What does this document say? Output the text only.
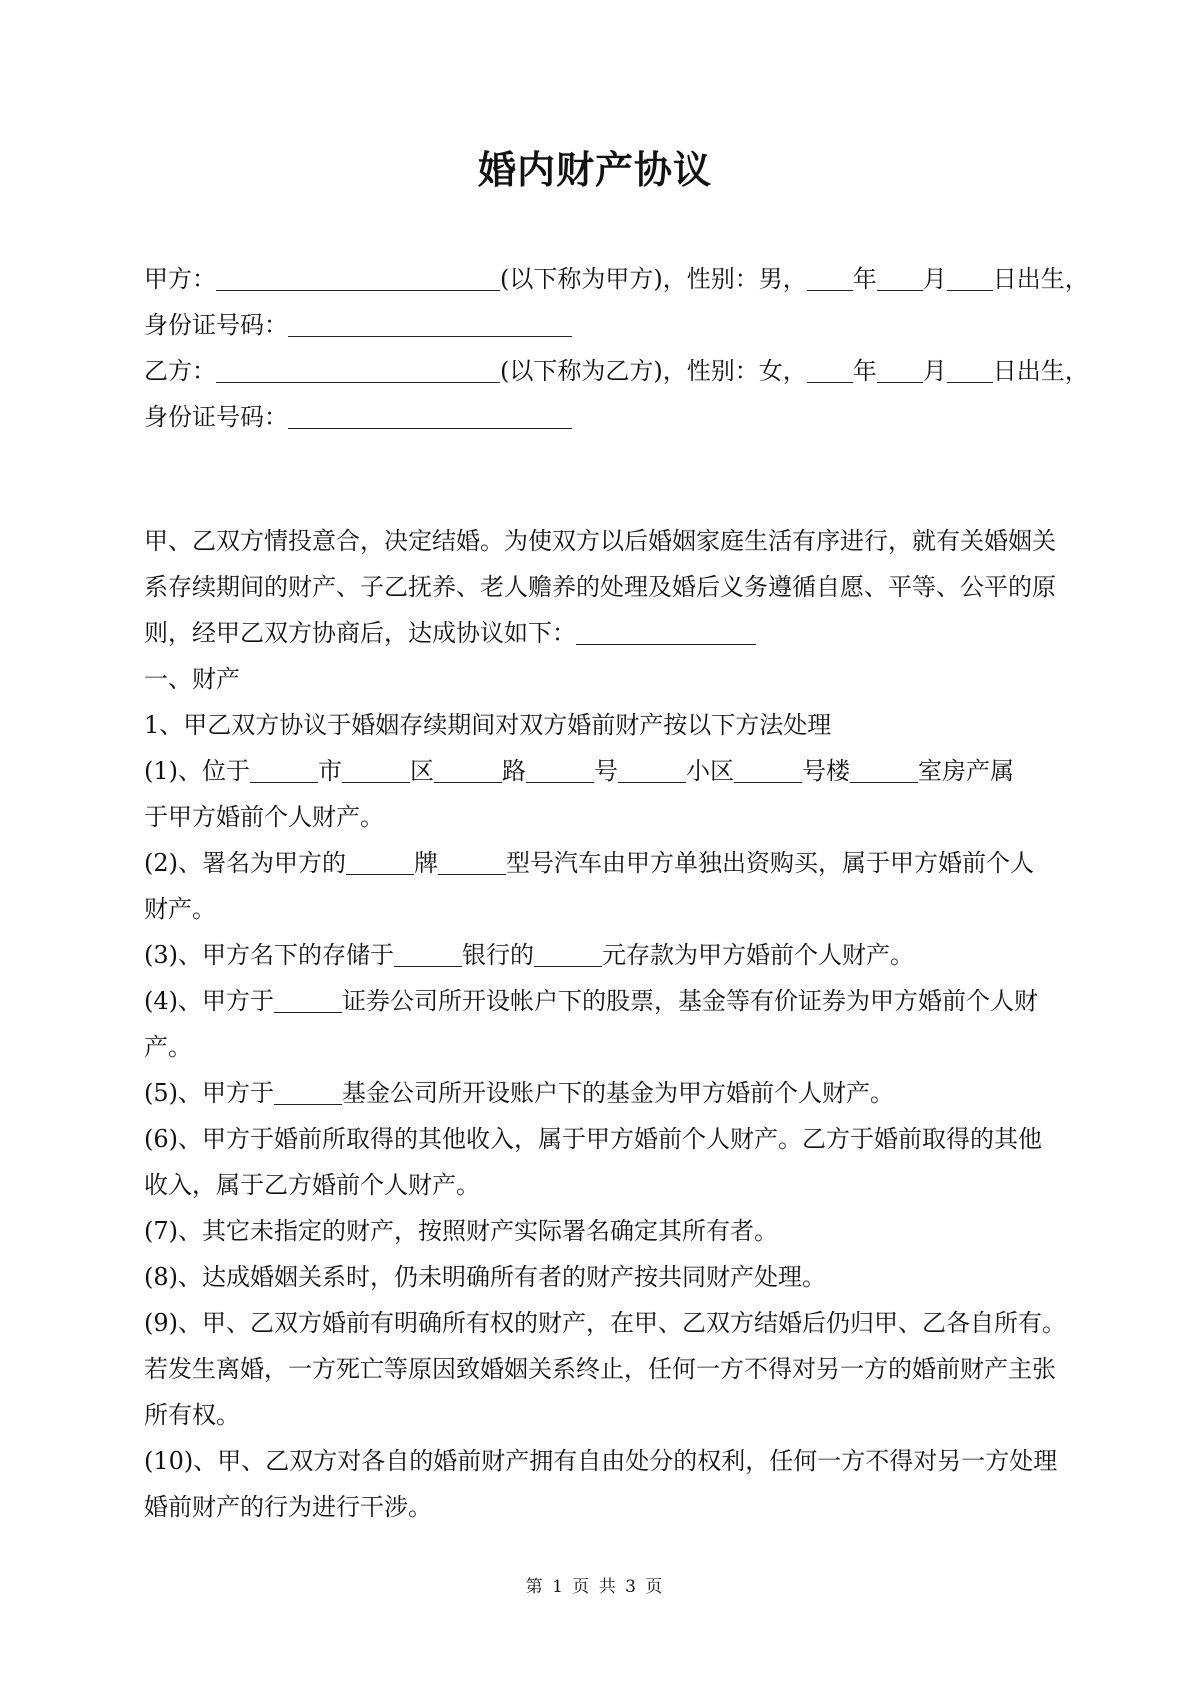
婚内财产协议
甲方：	(以下称为甲方)，性别：男， 年 月 日出生，
身份证号码：
乙方：	(以下称为乙方)，性别：女， 年 月 日出生，
身份证号码：
甲、乙双方情投意合，决定结婚。为使双方以后婚姻家庭生活有序进行，就有关婚姻关系存续期间的财产、子乙抚养、老人赡养的处理及婚后义务遵循自愿、平等、公平的原则，经甲乙双方协商后，达成协议如下：
一、财产
1、甲乙双方协议于婚姻存续期间对双方婚前财产按以下方法处理
(1)、位于	市	区	路	号	小区	号楼	室房产属
于甲方婚前个人财产。
(2)、署名为甲方的	牌	型号汽车由甲方单独出资购买，属于甲方婚前个人
财产。
(3)、甲方名下的存储于	银行的	元存款为甲方婚前个人财产。
(4)、甲方于	证券公司所开设帐户下的股票，基金等有价证券为甲方婚前个人财
产。
(5)、甲方于	基金公司所开设账户下的基金为甲方婚前个人财产。
(6)、甲方于婚前所取得的其他收入，属于甲方婚前个人财产。乙方于婚前取得的其他
收入，属于乙方婚前个人财产。
(7)、其它未指定的财产，按照财产实际署名确定其所有者。
(8)、达成婚姻关系时，仍未明确所有者的财产按共同财产处理。
(9)、甲、乙双方婚前有明确所有权的财产，在甲、乙双方结婚后仍归甲、乙各自所有。
若发生离婚，一方死亡等原因致婚姻关系终止，任何一方不得对另一方的婚前财产主张
所有权。
(10)、甲、乙双方对各自的婚前财产拥有自由处分的权利，任何一方不得对另一方处理
婚前财产的行为进行干涉。
第 1 页 共 3 页
